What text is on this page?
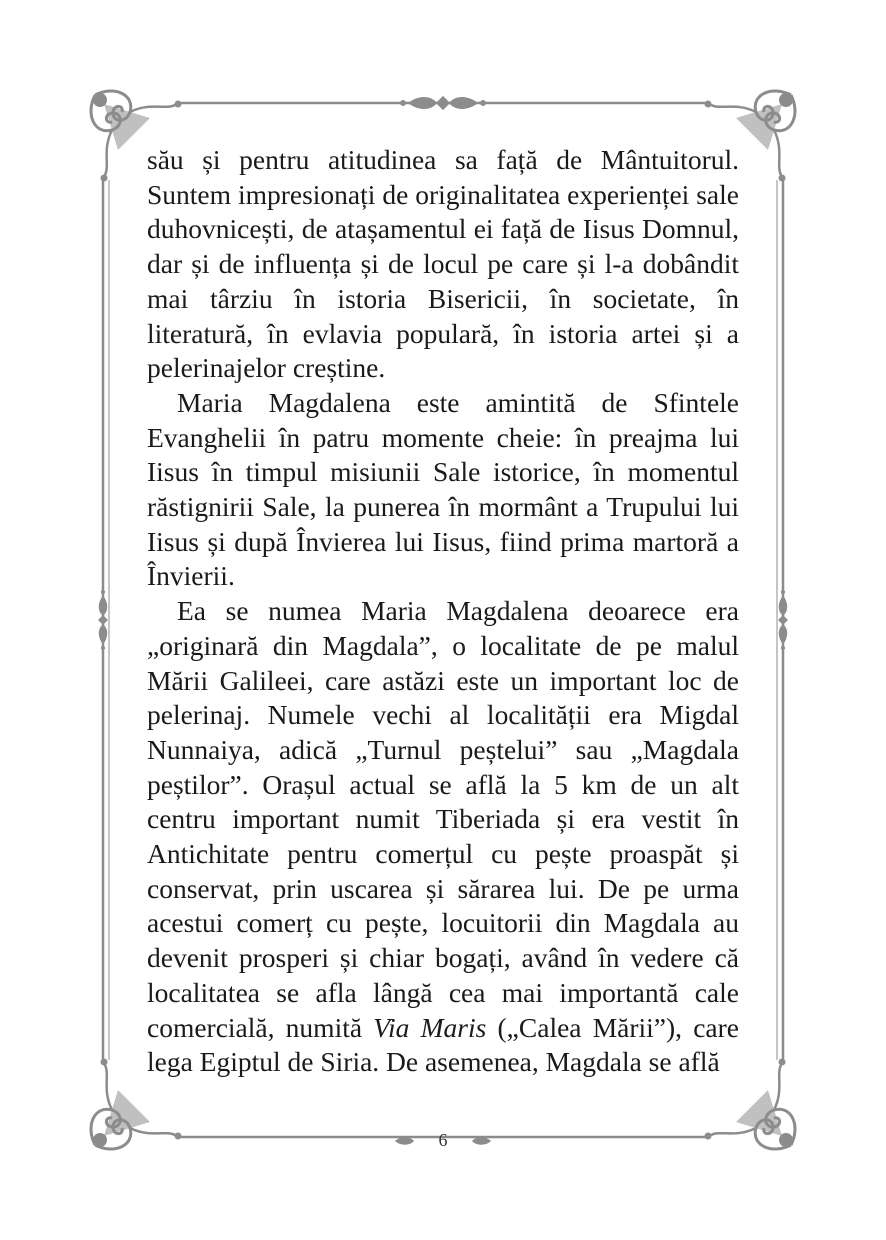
său și pentru atitudinea sa față de Mântuitorul. Suntem impresionați de originalitatea experienței sale duhovnicești, de atașamentul ei față de Iisus Domnul, dar și de influența și de locul pe care și l-a dobândit mai târziu în istoria Bisericii, în societate, în literatură, în evlavia populară, în istoria artei și a pelerinajelor creștine.

Maria Magdalena este amintită de Sfintele Evanghelii în patru momente cheie: în preajma lui Iisus în timpul misiunii Sale istorice, în momentul răstignirii Sale, la punerea în mormânt a Trupului lui Iisus și după Învierea lui Iisus, fiind prima martoră a Învierii.

Ea se numea Maria Magdalena deoarece era „originară din Magdala”, o localitate de pe malul Mării Galileei, care astăzi este un important loc de pelerinaj. Numele vechi al localității era Migdal Nunnaiya, adică „Turnul peștelui” sau „Magdala peștilor”. Orașul actual se află la 5 km de un alt centru important numit Tiberiada și era vestit în Antichitate pentru comerțul cu pește proaspăt și conservat, prin uscarea și sărarea lui. De pe urma acestui comerț cu pește, locuitorii din Magdala au devenit prosperi și chiar bogați, având în vedere că localitatea se afla lângă cea mai importantă cale comercială, numită Via Maris („Calea Mării”), care lega Egiptul de Siria. De asemenea, Magdala se află

6
